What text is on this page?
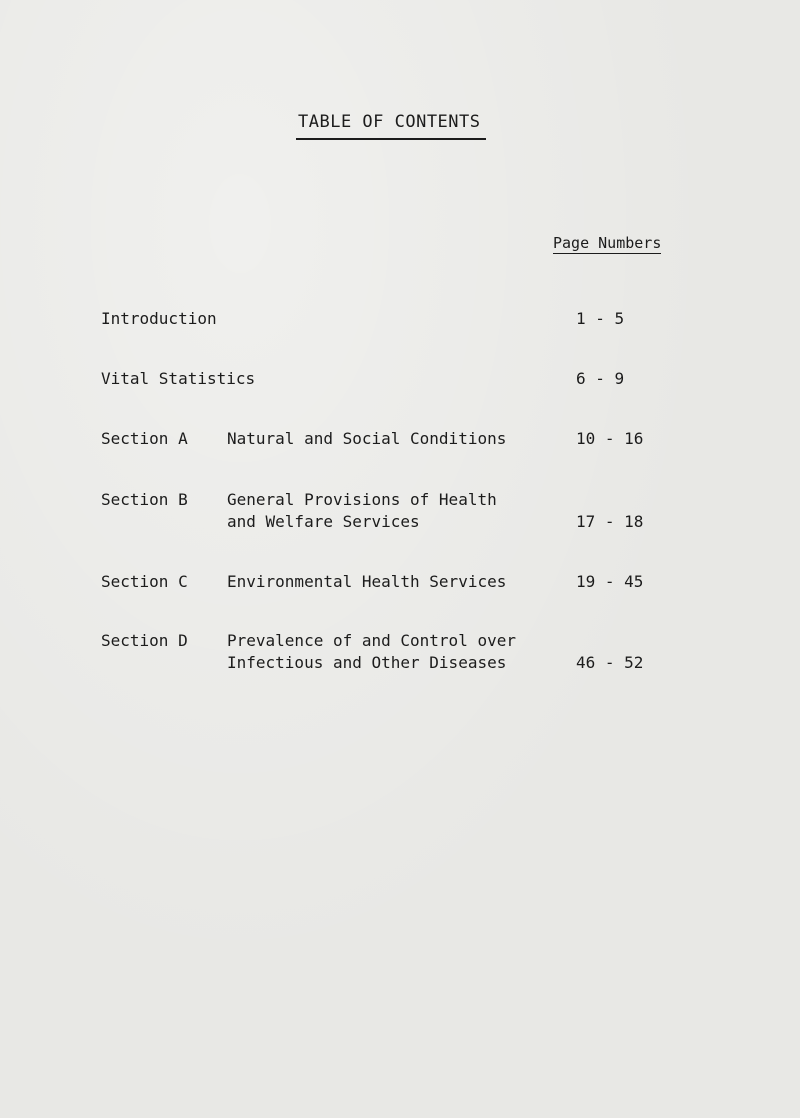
TABLE OF CONTENTS
Page Numbers
Introduction	1 - 5
Vital Statistics	6 - 9
Section A Natural and Social Conditions	10 - 16
Section B General Provisions of Health
and Welfare Services	17 - 18
Section C Environmental Health Services	19 - 45
Section D Prevalence of and Control over
Infectious and Other Diseases	46 - 52
